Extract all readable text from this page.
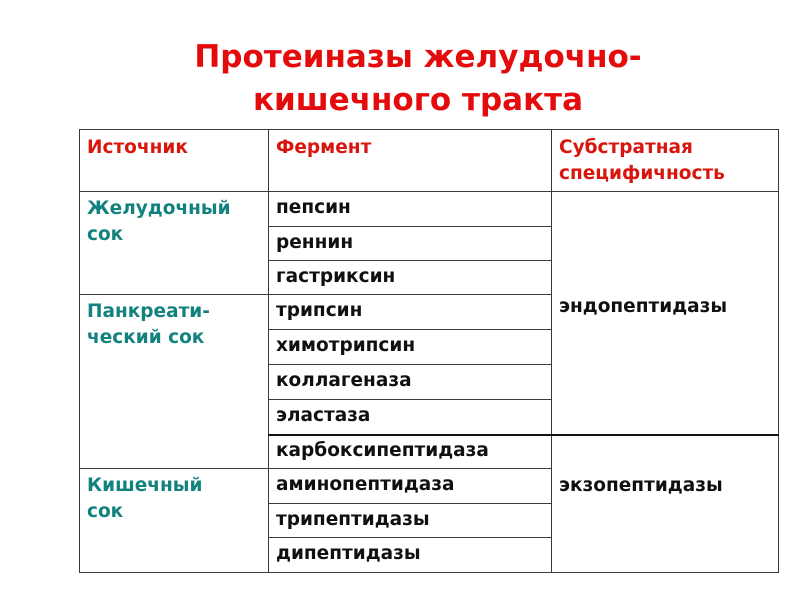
Протеиназы желудочно-
кишечного тракта
Источник	Фермент	Субстратная
специфичность
Желудочный
сок
Панкреати-
ческий сок
Кишечный
сок
пепсин
реннин
гастриксин
трипсин
химотрипсин
коллагеназа
эластаза
карбоксипептидаза
аминопептидаза
трипептидазы
дипептидазы
эндопептидазы
экзопептидазы
